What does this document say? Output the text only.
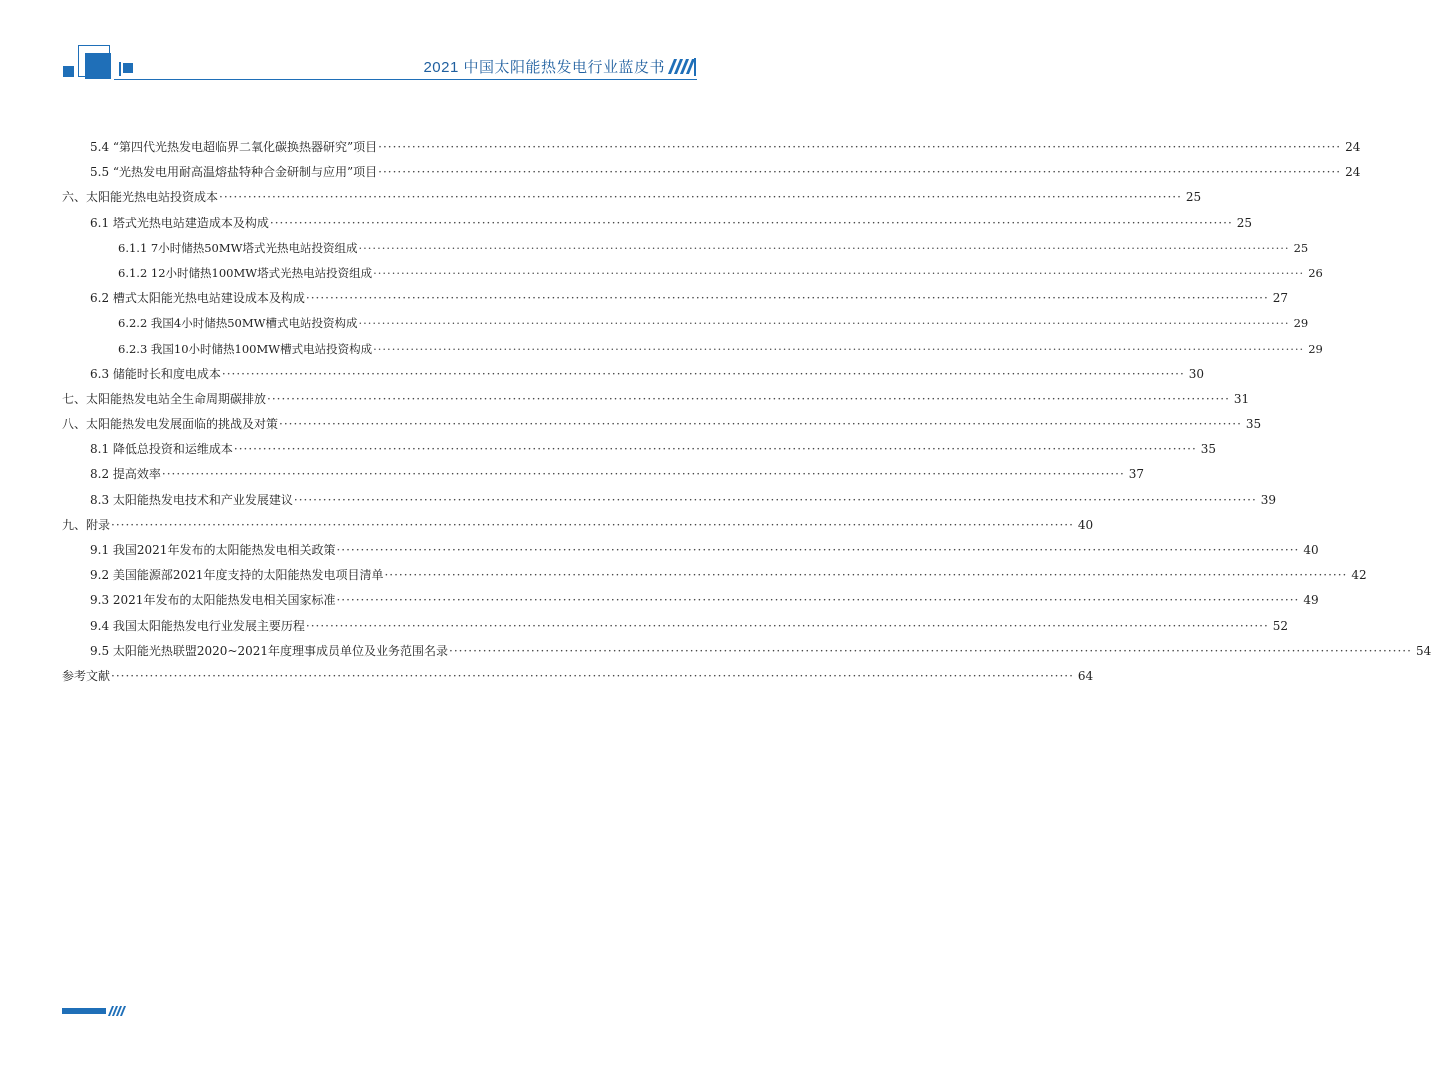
2021 中国太阳能热发电行业蓝皮书
5.4 “第四代光热发电超临界二氧化碳换热器研究”项目 ········································································································································································································ 24
5.5 “光热发电用耐高温熔盐特种合金研制与应用”项目 ········································································································································································································ 24
六、太阳能光热电站投资成本 ········································································································································································································ 25
6.1 塔式光热电站建造成本及构成 ········································································································································································································ 25
6.1.1 7小时储热50MW塔式光热电站投资组成 ········································································································································································································ 25
6.1.2 12小时储热100MW塔式光热电站投资组成 ········································································································································································································ 26
6.2 槽式太阳能光热电站建设成本及构成 ········································································································································································································ 27
6.2.2 我国4小时储热50MW槽式电站投资构成 ········································································································································································································ 29
6.2.3 我国10小时储热100MW槽式电站投资构成 ········································································································································································································ 29
6.3 储能时长和度电成本 ········································································································································································································ 30
七、太阳能热发电站全生命周期碳排放 ········································································································································································································ 31
八、太阳能热发电发展面临的挑战及对策 ········································································································································································································ 35
8.1 降低总投资和运维成本 ········································································································································································································ 35
8.2 提高效率 ········································································································································································································ 37
8.3 太阳能热发电技术和产业发展建议 ········································································································································································································ 39
九、附录 ········································································································································································································ 40
9.1 我国2021年发布的太阳能热发电相关政策 ········································································································································································································ 40
9.2 美国能源部2021年度支持的太阳能热发电项目清单 ········································································································································································································ 42
9.3 2021年发布的太阳能热发电相关国家标准 ········································································································································································································ 49
9.4 我国太阳能热发电行业发展主要历程 ········································································································································································································ 52
9.5 太阳能光热联盟2020~2021年度理事成员单位及业务范围名录 ········································································································································································································ 54
参考文献 ········································································································································································································ 64
